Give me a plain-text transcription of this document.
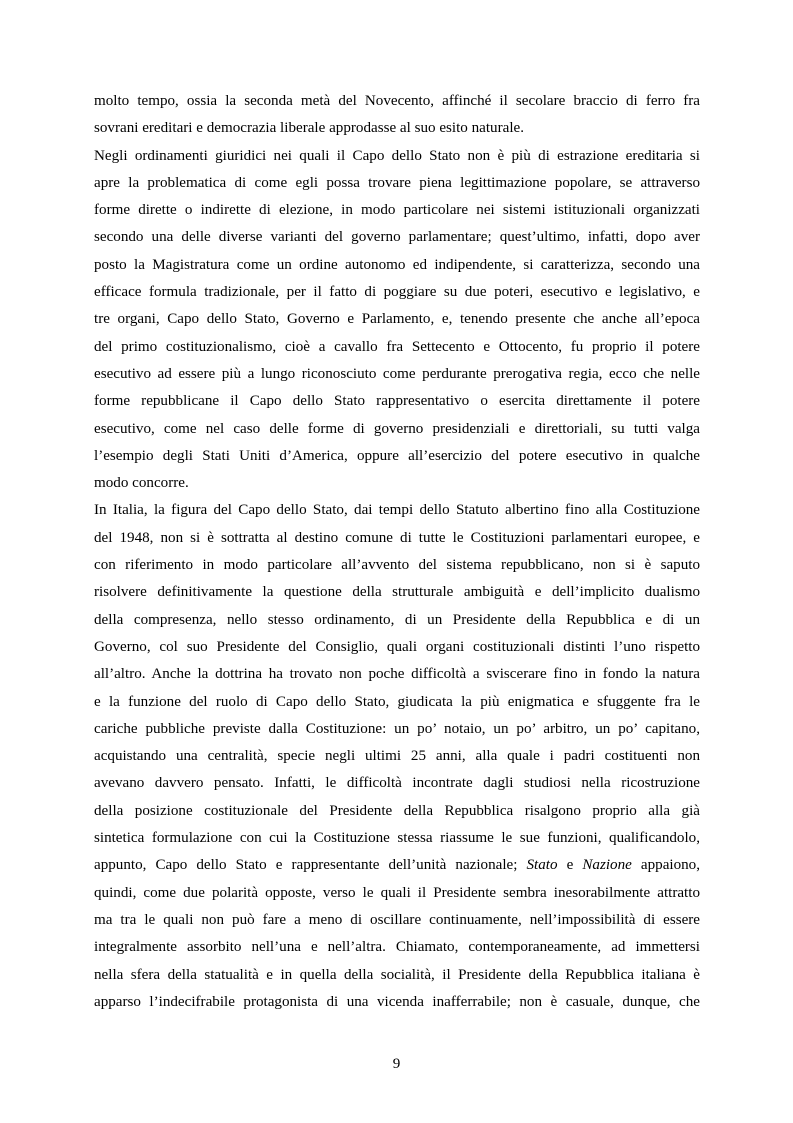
molto tempo, ossia la seconda metà del Novecento, affinché il secolare braccio di ferro fra
sovrani ereditari e democrazia liberale approdasse al suo esito naturale.
Negli ordinamenti giuridici nei quali il Capo dello Stato non è più di estrazione ereditaria si
apre la problematica di come egli possa trovare piena legittimazione popolare, se attraverso
forme dirette o indirette di elezione, in modo particolare nei sistemi istituzionali organizzati
secondo una delle diverse varianti del governo parlamentare; quest’ultimo, infatti, dopo aver
posto la Magistratura come un ordine autonomo ed indipendente, si caratterizza, secondo una
efficace formula tradizionale, per il fatto di poggiare su due poteri, esecutivo e legislativo, e
tre organi, Capo dello Stato, Governo e Parlamento, e, tenendo presente che anche all’epoca
del primo costituzionalismo, cioè a cavallo fra Settecento e Ottocento, fu proprio il potere
esecutivo ad essere più a lungo riconosciuto come perdurante prerogativa regia, ecco che nelle
forme repubblicane il Capo dello Stato rappresentativo o esercita direttamente il potere
esecutivo, come nel caso delle forme di governo presidenziali e direttoriali, su tutti valga
l’esempio degli Stati Uniti d’America, oppure all’esercizio del potere esecutivo in qualche
modo concorre.
In Italia, la figura del Capo dello Stato, dai tempi dello Statuto albertino fino alla Costituzione
del 1948, non si è sottratta al destino comune di tutte le Costituzioni parlamentari europee, e
con riferimento in modo particolare all’avvento del sistema repubblicano, non si è saputo
risolvere definitivamente la questione della strutturale ambiguità e dell’implicito dualismo
della compresenza, nello stesso ordinamento, di un Presidente della Repubblica e di un
Governo, col suo Presidente del Consiglio, quali organi costituzionali distinti l’uno rispetto
all’altro. Anche la dottrina ha trovato non poche difficoltà a sviscerare fino in fondo la natura
e la funzione del ruolo di Capo dello Stato, giudicata la più enigmatica e sfuggente fra le
cariche pubbliche previste dalla Costituzione: un po’ notaio, un po’ arbitro, un po’ capitano,
acquistando una centralità, specie negli ultimi 25 anni, alla quale i padri costituenti non
avevano davvero pensato. Infatti, le difficoltà incontrate dagli studiosi nella ricostruzione
della posizione costituzionale del Presidente della Repubblica risalgono proprio alla già
sintetica formulazione con cui la Costituzione stessa riassume le sue funzioni, qualificandolo,
appunto, Capo dello Stato e rappresentante dell’unità nazionale; Stato e Nazione appaiono,
quindi, come due polarità opposte, verso le quali il Presidente sembra inesorabilmente attratto
ma tra le quali non può fare a meno di oscillare continuamente, nell’impossibilità di essere
integralmente assorbito nell’una e nell’altra. Chiamato, contemporaneamente, ad immettersi
nella sfera della statualità e in quella della socialità, il Presidente della Repubblica italiana è
apparso l’indecifrabile protagonista di una vicenda inafferrabile; non è casuale, dunque, che
9
